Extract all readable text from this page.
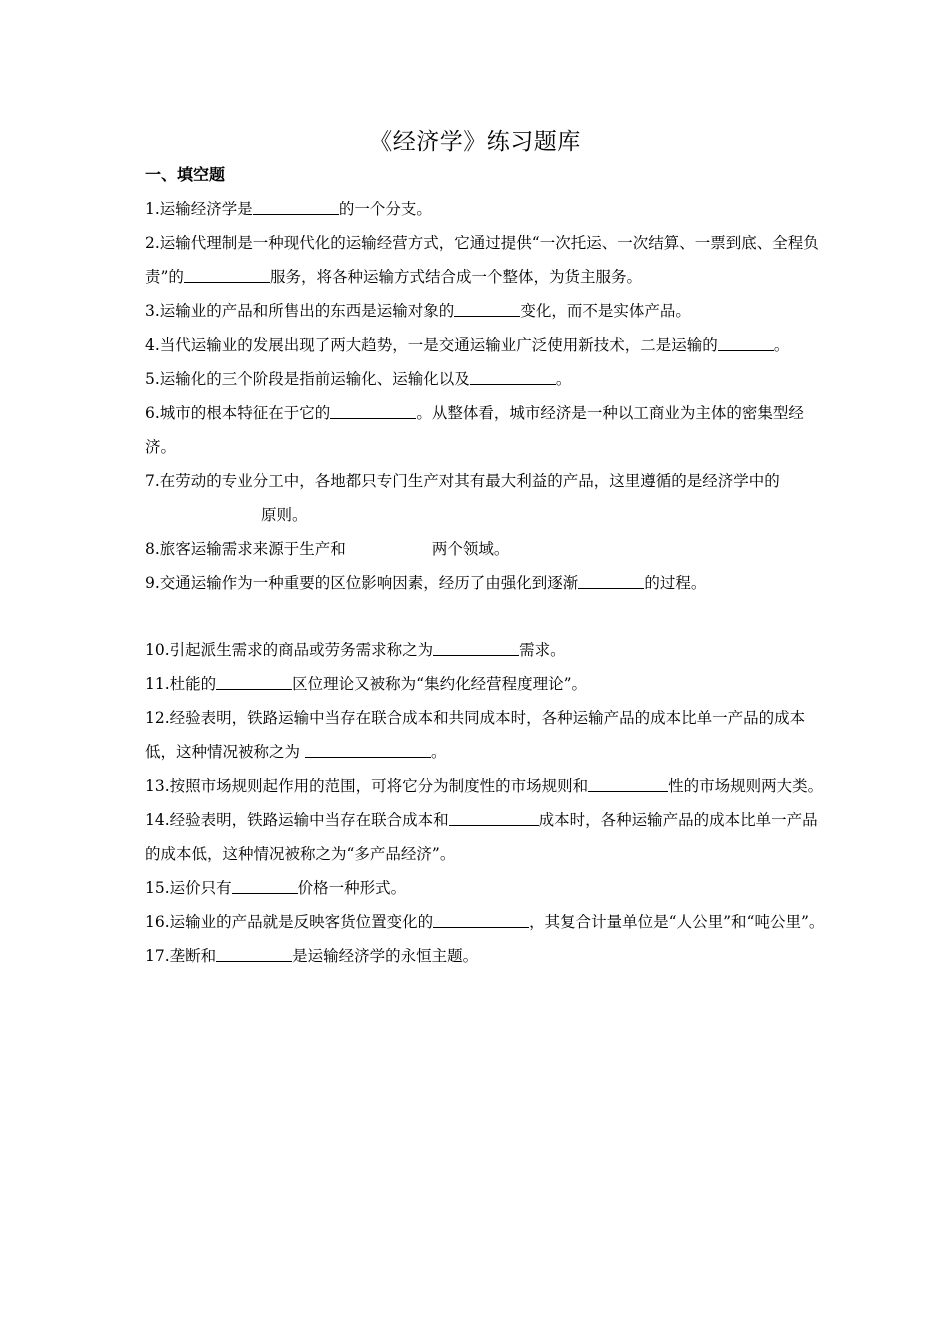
《经济学》练习题库
一、填空题

1.运输经济学是	的一个分支。

2.运输代理制是一种现代化的运输经营方式，它通过提供“一次托运、一次结算、一票到底、全程负责”的	服务，将各种运输方式结合成一个整体，为货主服务。

3.运输业的产品和所售出的东西是运输对象的	变化，而不是实体产品。

4.当代运输业的发展出现了两大趋势，一是交通运输业广泛使用新技术，二是运输的	。

5.运输化的三个阶段是指前运输化、运输化以及	。

6.城市的根本特征在于它的	。从整体看，城市经济是一种以工商业为主体的密集型经济。

7.在劳动的专业分工中，各地都只专门生产对其有最大利益的产品，这里遵循的是经济学中的原则。

8.旅客运输需求来源于生产和	两个领域。

9.交通运输作为一种重要的区位影响因素，经历了由强化到逐渐	的过程。

10.引起派生需求的商品或劳务需求称之为	需求。

11.杜能的	区位理论又被称为“集约化经营程度理论”。

12.经验表明，铁路运输中当存在联合成本和共同成本时，各种运输产品的成本比单一产品的成本低，这种情况被称之为	。

13.按照市场规则起作用的范围，可将它分为制度性的市场规则和	性的市场规则两大类。

14.经验表明，铁路运输中当存在联合成本和	成本时，各种运输产品的成本比单一产品的成本低，这种情况被称之为“多产品经济”。

15.运价只有	价格一种形式。

16.运输业的产品就是反映客货位置变化的	，其复合计量单位是“人公里”和“吨公里”。

17.垄断和	是运输经济学的永恒主题。
